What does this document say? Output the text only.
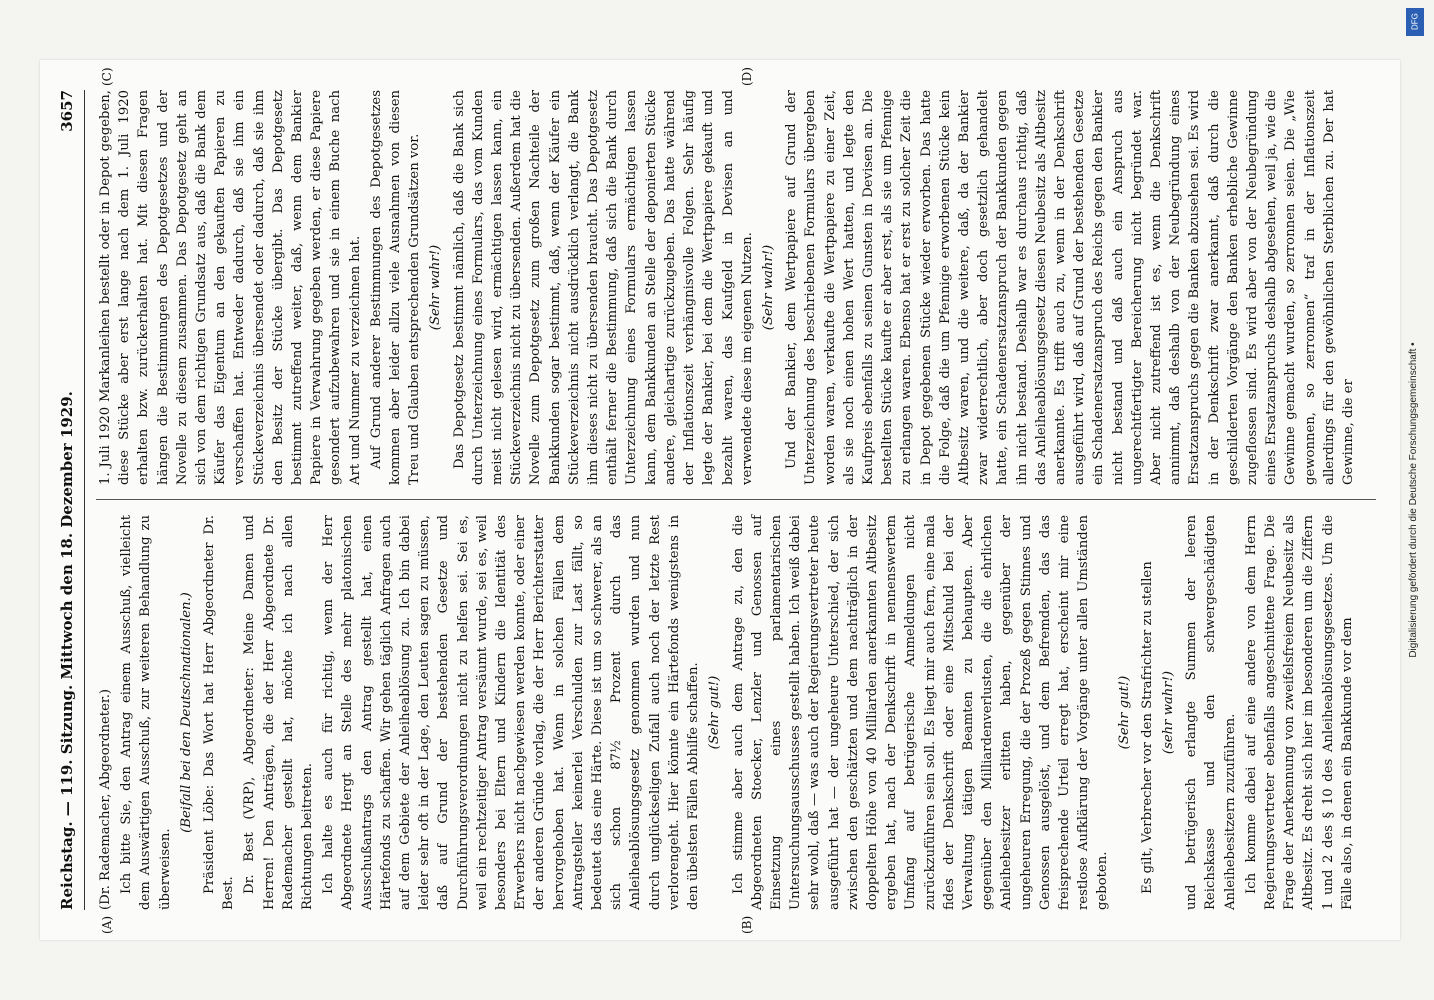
Reichstag. — 119. Sitzung. Mittwoch den 18. Dezember 1929.
3657
(A)	(B)
(C)	(D)

(Dr. Rademacher, Abgeordneter.) Ich bitte Sie, den Antrag einem Ausschuß, vielleicht dem Auswärtigen Ausschuß, zur weiteren Behandlung zu überweisen.

(Beifall bei den Deutschnationalen.) Präsident Löbe: Das Wort hat Herr Abgeordneter Dr. Best. Dr. Best (VRP), Abgeordneter: Meine Damen und Herren! Den Anträgen, die der Herr Abgeordnete Dr. Rademacher gestellt hat, möchte ich nach allen Richtungen beitreten. Ich halte es auch für richtig, wenn der Herr Abgeordnete Hergt an Stelle des mehr platonischen Ausschußantrags den Antrag gestellt hat, einen Härtefonds zu schaffen. Wir gehen täglich Anfragen auch auf dem Gebiete der Anleiheablösung zu. Ich bin dabei leider sehr oft in der Lage, den Leuten sagen zu müssen, daß auf Grund der bestehenden Gesetze und Durchführungsverordnungen nicht zu helfen sei. Sei es, weil ein rechtzeitiger Antrag versäumt wurde, sei es, weil besonders bei Eltern und Kindern die Identität des Erwerbers nicht nachgewiesen werden konnte, oder einer der anderen Gründe vorlag, die der Herr Berichterstatter hervorgehoben hat. Wenn in solchen Fällen dem Antragsteller keinerlei Verschulden zur Last fällt, so bedeutet das eine Härte. Diese ist um so schwerer, als an sich schon 87½ Prozent durch das Anleiheablösungsgesetz genommen wurden und nun durch unglückseligen Zufall auch noch der letzte Rest verlorengeht. Hier könnte ein Härtefonds wenigstens in den übelsten Fällen Abhilfe schaffen. (Sehr gut!) Ich stimme aber auch dem Antrage zu, den die Abgeordneten Stoecker, Lenzler und Genossen auf Einsetzung eines parlamentarischen Untersuchungsausschusses gestellt haben. Ich weiß dabei sehr wohl, daß — was auch der Regierungsvertreter heute ausgeführt hat — der ungeheure Unterschied, der sich zwischen den geschätzten und dem nachträglich in der doppelten Höhe von 40 Milliarden anerkannten Altbesitz ergeben hat, nach der Denkschrift in nennenswertem Umfang auf betrügerische Anmeldungen nicht zurückzuführen sein soll. Es liegt mir auch fern, eine mala fides der Denkschrift oder eine Mitschuld bei der Verwaltung tätigen Beamten zu behaupten. Aber gegenüber den Milliardenverlusten, die die ehrlichen Anleihebesitzer erlitten haben, gegenüber der ungeheuren Erregung, die der Prozeß gegen Stinnes und Genossen ausgelöst, und dem Befremden, das das freisprechende Urteil erregt hat, erscheint mir eine restlose Aufklärung der Vorgänge unter allen Umständen geboten.

(Sehr gut!) Es gilt, Verbrecher vor den Strafrichter zu stellen (sehr wahr!) und betrügerisch erlangte Summen der leeren Reichskasse und den schwergeschädigten Anleihebesitzern zuzuführen. Ich komme dabei auf eine andere von dem Herrn Regierungsvertreter ebenfalls angeschnittene Frage. Die Frage der Anerkennung von zweifelsfreiem Neubesitz als Altbesitz. Es dreht sich hier im besonderen um die Ziffern 1 und 2 des § 10 des Anleiheablösungsgesetzes. Um die Fälle also, in denen ein Bankkunde vor dem

1. Juli 1920 Markanleihen bestellt oder in Depot gegeben, diese Stücke aber erst lange nach dem 1. Juli 1920 erhalten bzw. zurückerhalten hat. Mit diesen Fragen hängen die Bestimmungen des Depotgesetzes und der Novelle zu diesem zusammen. Das Depotgesetz geht an sich von dem richtigen Grundsatz aus, daß die Bank dem Käufer das Eigentum an den gekauften Papieren zu verschaffen hat. Entweder dadurch, daß sie ihm ein Stückeverzeichnis übersendet oder dadurch, daß sie ihm den Besitz der Stücke übergibt. Das Depotgesetz bestimmt zutreffend weiter, daß, wenn dem Bankier Papiere in Verwahrung gegeben werden, er diese Papiere gesondert aufzubewahren und sie in einem Buche nach Art und Nummer zu verzeichnen hat. Auf Grund anderer Bestimmungen des Depotgesetzes kommen aber leider allzu viele Ausnahmen von diesen Treu und Glauben entsprechenden Grundsätzen vor. (Sehr wahr!) Das Depotgesetz bestimmt nämlich, daß die Bank sich durch Unterzeichnung eines Formulars, das vom Kunden meist nicht gelesen wird, ermächtigen lassen kann, ein Stückeverzeichnis nicht zu übersenden. Außerdem hat die Novelle zum Depotgesetz zum großen Nachteile der Bankkunden sogar bestimmt, daß, wenn der Käufer ein Stückeverzeichnis nicht ausdrücklich verlangt, die Bank ihm dieses nicht zu übersenden braucht. Das Depotgesetz enthält ferner die Bestimmung, daß sich die Bank durch Unterzeichnung eines Formulars ermächtigen lassen kann, dem Bankkunden an Stelle der deponierten Stücke andere, gleichartige zurückzugeben. Das hatte während der Inflationszeit verhängnisvolle Folgen. Sehr häufig legte der Bankier, bei dem die Wertpapiere gekauft und bezahlt waren, das Kaufgeld in Devisen an und verwendete diese im eigenen Nutzen. (Sehr wahr!) Und der Bankier, dem Wertpapiere auf Grund der Unterzeichnung des beschriebenen Formulars übergeben worden waren, verkaufte die Wertpapiere zu einer Zeit, als sie noch einen hohen Wert hatten, und legte den Kaufpreis ebenfalls zu seinen Gunsten in Devisen an. Die bestellten Stücke kaufte er aber erst, als sie um Pfennige zu erlangen waren. Ebenso hat er erst zu solcher Zeit die in Depot gegebenen Stücke wieder erworben. Das hatte die Folge, daß die um Pfennige erworbenen Stücke kein Altbesitz waren, und die weitere, daß, da der Bankier zwar widerrechtlich, aber doch gesetzlich gehandelt hatte, ein Schadenersatzanspruch der Bankkunden gegen ihn nicht bestand. Deshalb war es durchaus richtig, daß das Anleiheablösungsgesetz diesen Neubesitz als Altbesitz anerkannte. Es trifft auch zu, wenn in der Denkschrift ausgeführt wird, daß auf Grund der bestehenden Gesetze ein Schadenersatzanspruch des Reichs gegen den Bankier nicht bestand und daß auch ein Anspruch aus ungerechtfertigter Bereicherung nicht begründet war. Aber nicht zutreffend ist es, wenn die Denkschrift annimmt, daß deshalb von der Neubegründung eines Ersatzanspruchs gegen die Banken abzusehen sei. Es wird in der Denkschrift zwar anerkannt, daß durch die geschilderten Vorgänge den Banken erhebliche Gewinne zugeflossen sind. Es wird aber von der Neubegründung eines Ersatzanspruchs deshalb abgesehen, weil ja, wie die Gewinne gemacht wurden, so zerronnen seien. Die „Wie gewonnen, so zerronnen“ traf in der Inflationszeit allerdings für den gewöhnlichen Sterblichen zu. Der hat Gewinne, die er	Digitalisierung gefördert durch die Deutsche Forschungsgemeinschaft •
DFG
